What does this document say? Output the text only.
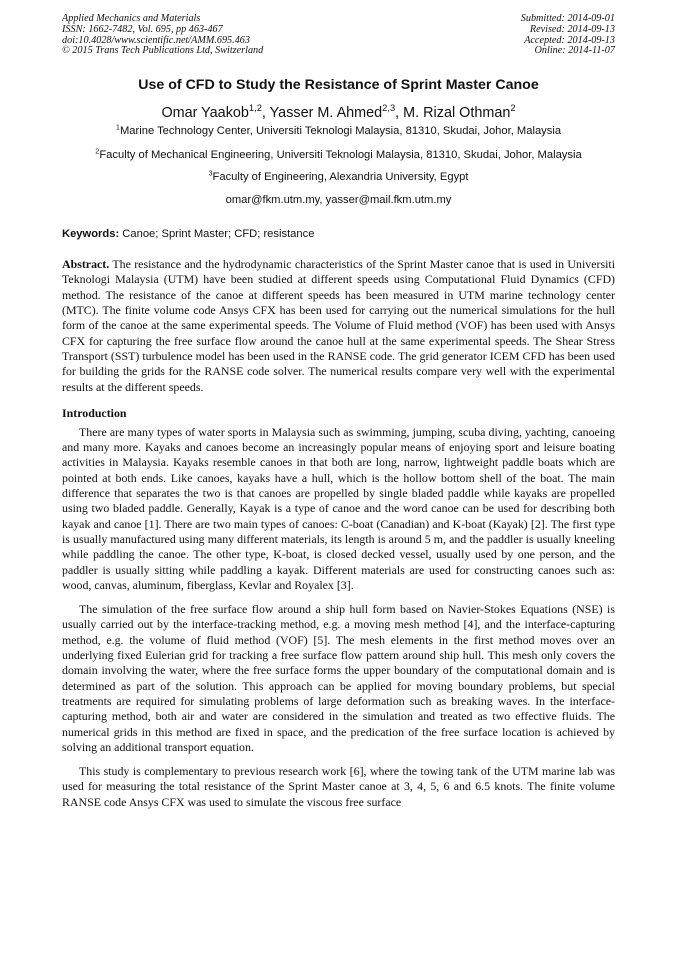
Applied Mechanics and Materials
ISSN: 1662-7482, Vol. 695, pp 463-467
doi:10.4028/www.scientific.net/AMM.695.463
© 2015 Trans Tech Publications Ltd, Switzerland
Submitted: 2014-09-01
Revised: 2014-09-13
Accepted: 2014-09-13
Online: 2014-11-07
Use of CFD to Study the Resistance of Sprint Master Canoe
Omar Yaakob$^{1,2}$, Yasser M. Ahmed$^{2,3}$, M. Rizal Othman$^2$
$^1$Marine Technology Center, Universiti Teknologi Malaysia, 81310, Skudai, Johor, Malaysia
$^2$Faculty of Mechanical Engineering, Universiti Teknologi Malaysia, 81310, Skudai, Johor, Malaysia
$^3$Faculty of Engineering, Alexandria University, Egypt
omar@fkm.utm.my, yasser@mail.fkm.utm.my
Keywords: Canoe; Sprint Master; CFD; resistance
Abstract. The resistance and the hydrodynamic characteristics of the Sprint Master canoe that is used in Universiti Teknologi Malaysia (UTM) have been studied at different speeds using Computational Fluid Dynamics (CFD) method. The resistance of the canoe at different speeds has been measured in UTM marine technology center (MTC). The finite volume code Ansys CFX has been used for carrying out the numerical simulations for the hull form of the canoe at the same experimental speeds. The Volume of Fluid method (VOF) has been used with Ansys CFX for capturing the free surface flow around the canoe hull at the same experimental speeds. The Shear Stress Transport (SST) turbulence model has been used in the RANSE code. The grid generator ICEM CFD has been used for building the grids for the RANSE code solver. The numerical results compare very well with the experimental results at the different speeds.
Introduction

There are many types of water sports in Malaysia such as swimming, jumping, scuba diving, yachting, canoeing and many more. Kayaks and canoes become an increasingly popular means of enjoying sport and leisure boating activities in Malaysia. Kayaks resemble canoes in that both are long, narrow, lightweight paddle boats which are pointed at both ends. Like canoes, kayaks have a hull, which is the hollow bottom shell of the boat. The main difference that separates the two is that canoes are propelled by single bladed paddle while kayaks are propelled using two bladed paddle. Generally, Kayak is a type of canoe and the word canoe can be used for describing both kayak and canoe [1]. There are two main types of canoes: C-boat (Canadian) and K-boat (Kayak) [2]. The first type is usually manufactured using many different materials, its length is around 5 m, and the paddler is usually kneeling while paddling the canoe. The other type, K-boat, is closed decked vessel, usually used by one person, and the paddler is usually sitting while paddling a kayak. Different materials are used for constructing canoes such as: wood, canvas, aluminum, fiberglass, Kevlar and Royalex [3].

The simulation of the free surface flow around a ship hull form based on Navier-Stokes Equations (NSE) is usually carried out by the interface-tracking method, e.g. a moving mesh method [4], and the interface-capturing method, e.g. the volume of fluid method (VOF) [5]. The mesh elements in the first method moves over an underlying fixed Eulerian grid for tracking a free surface flow pattern around ship hull. This mesh only covers the domain involving the water, where the free surface forms the upper boundary of the computational domain and is determined as part of the solution. This approach can be applied for moving boundary problems, but special treatments are required for simulating problems of large deformation such as breaking waves. In the interface-capturing method, both air and water are considered in the simulation and treated as two effective fluids. The numerical grids in this method are fixed in space, and the predication of the free surface location is achieved by solving an additional transport equation.

This study is complementary to previous research work [6], where the towing tank of the UTM marine lab was used for measuring the total resistance of the Sprint Master canoe at 3, 4, 5, 6 and 6.5 knots. The finite volume RANSE code Ansys CFX was used to simulate the viscous free surface
